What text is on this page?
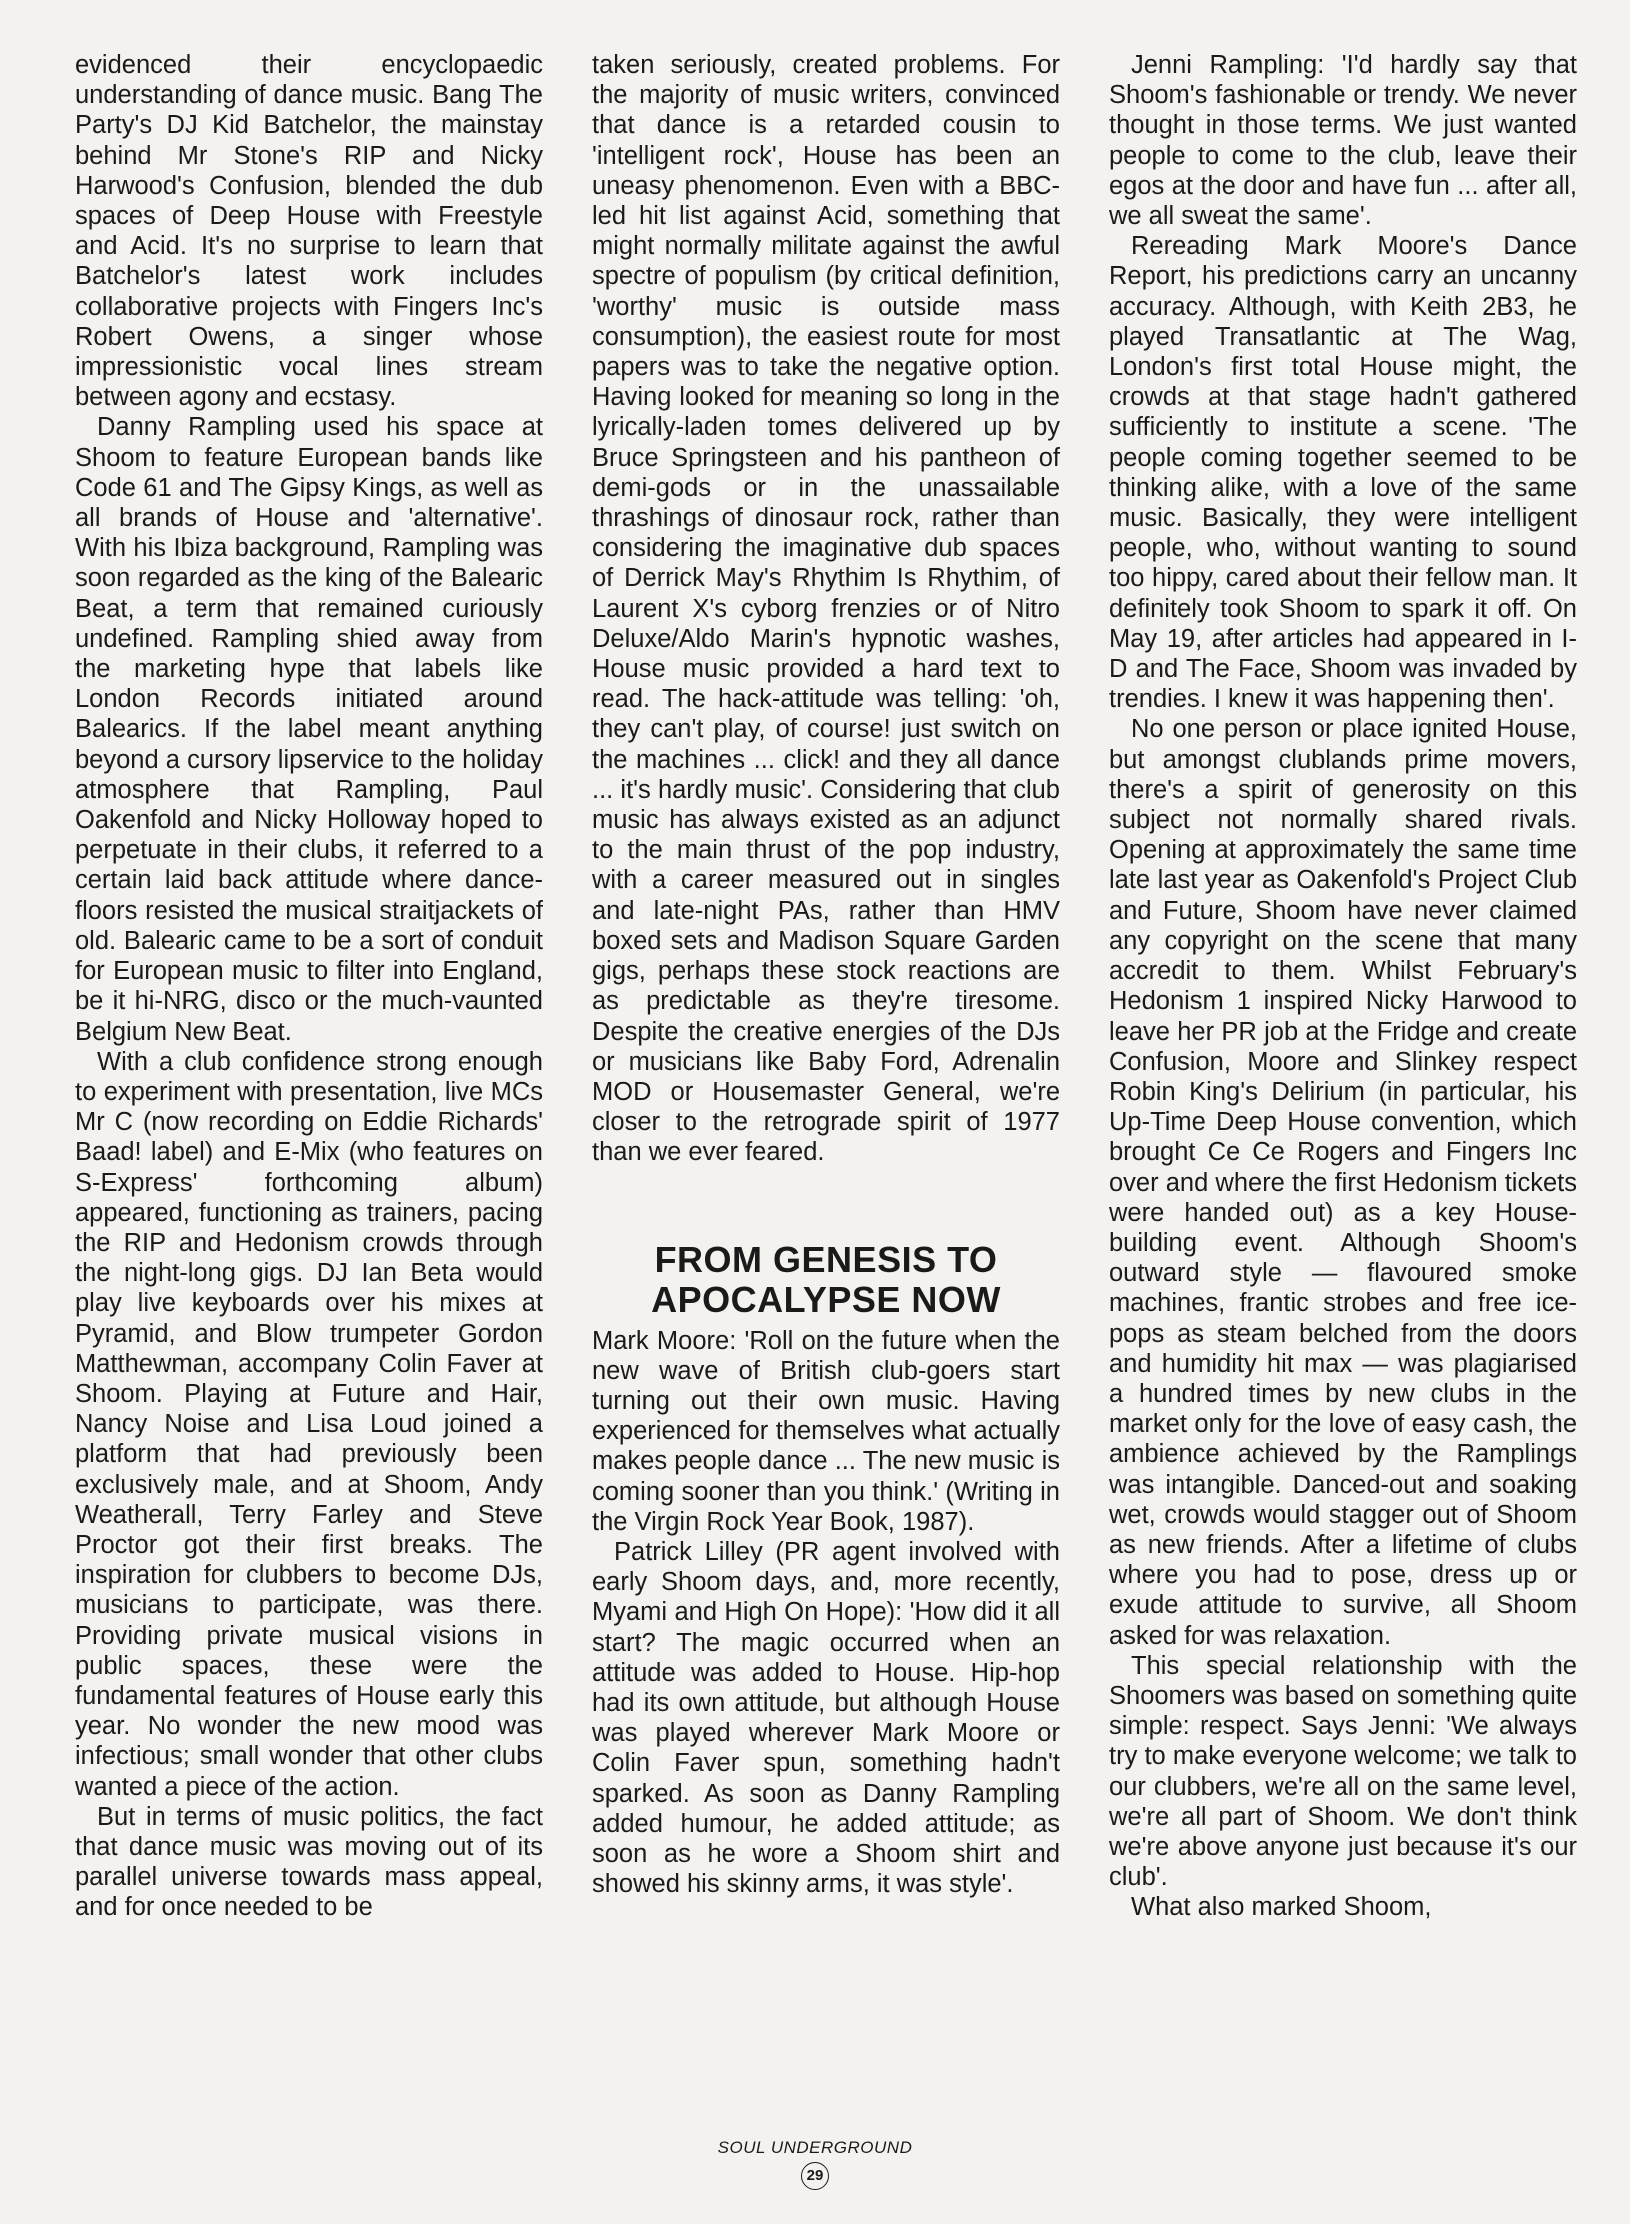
evidenced their encyclopaedic understanding of dance music. Bang The Party's DJ Kid Batchelor, the mainstay behind Mr Stone's RIP and Nicky Harwood's Confusion, blended the dub spaces of Deep House with Freestyle and Acid. It's no surprise to learn that Batchelor's latest work includes collaborative projects with Fingers Inc's Robert Owens, a singer whose impressionistic vocal lines stream between agony and ecstasy.

Danny Rampling used his space at Shoom to feature European bands like Code 61 and The Gipsy Kings, as well as all brands of House and 'alternative'. With his Ibiza background, Rampling was soon regarded as the king of the Balearic Beat, a term that remained curiously undefined. Rampling shied away from the marketing hype that labels like London Records initiated around Balearics. If the label meant anything beyond a cursory lipservice to the holiday atmosphere that Rampling, Paul Oakenfold and Nicky Holloway hoped to perpetuate in their clubs, it referred to a certain laid back attitude where dance-floors resisted the musical straitjackets of old. Balearic came to be a sort of conduit for European music to filter into England, be it hi-NRG, disco or the much-vaunted Belgium New Beat.

With a club confidence strong enough to experiment with presentation, live MCs Mr C (now recording on Eddie Richards' Baad! label) and E-Mix (who features on S-Express' forthcoming album) appeared, functioning as trainers, pacing the RIP and Hedonism crowds through the night-long gigs. DJ Ian Beta would play live keyboards over his mixes at Pyramid, and Blow trumpeter Gordon Matthewman, accompany Colin Faver at Shoom. Playing at Future and Hair, Nancy Noise and Lisa Loud joined a platform that had previously been exclusively male, and at Shoom, Andy Weatherall, Terry Farley and Steve Proctor got their first breaks. The inspiration for clubbers to become DJs, musicians to participate, was there. Providing private musical visions in public spaces, these were the fundamental features of House early this year. No wonder the new mood was infectious; small wonder that other clubs wanted a piece of the action.

But in terms of music politics, the fact that dance music was moving out of its parallel universe towards mass appeal, and for once needed to be

taken seriously, created problems. For the majority of music writers, convinced that dance is a retarded cousin to 'intelligent rock', House has been an uneasy phenomenon. Even with a BBC-led hit list against Acid, something that might normally militate against the awful spectre of populism (by critical definition, 'worthy' music is outside mass consumption), the easiest route for most papers was to take the negative option. Having looked for meaning so long in the lyrically-laden tomes delivered up by Bruce Springsteen and his pantheon of demi-gods or in the unassailable thrashings of dinosaur rock, rather than considering the imaginative dub spaces of Derrick May's Rhythim Is Rhythim, of Laurent X's cyborg frenzies or of Nitro Deluxe/Aldo Marin's hypnotic washes, House music provided a hard text to read. The hack-attitude was telling: 'oh, they can't play, of course! just switch on the machines ... click! and they all dance ... it's hardly music'. Considering that club music has always existed as an adjunct to the main thrust of the pop industry, with a career measured out in singles and late-night PAs, rather than HMV boxed sets and Madison Square Garden gigs, perhaps these stock reactions are as predictable as they're tiresome. Despite the creative energies of the DJs or musicians like Baby Ford, Adrenalin MOD or Housemaster General, we're closer to the retrograde spirit of 1977 than we ever feared.

FROM GENESIS TO APOCALYPSE NOW

Mark Moore: 'Roll on the future when the new wave of British club-goers start turning out their own music. Having experienced for themselves what actually makes people dance ... The new music is coming sooner than you think.' (Writing in the Virgin Rock Year Book, 1987).

Patrick Lilley (PR agent involved with early Shoom days, and, more recently, Myami and High On Hope): 'How did it all start? The magic occurred when an attitude was added to House. Hip-hop had its own attitude, but although House was played wherever Mark Moore or Colin Faver spun, something hadn't sparked. As soon as Danny Rampling added humour, he added attitude; as soon as he wore a Shoom shirt and showed his skinny arms, it was style'.

Jenni Rampling: 'I'd hardly say that Shoom's fashionable or trendy. We never thought in those terms. We just wanted people to come to the club, leave their egos at the door and have fun ... after all, we all sweat the same'.

Rereading Mark Moore's Dance Report, his predictions carry an uncanny accuracy. Although, with Keith 2B3, he played Transatlantic at The Wag, London's first total House might, the crowds at that stage hadn't gathered sufficiently to institute a scene. 'The people coming together seemed to be thinking alike, with a love of the same music. Basically, they were intelligent people, who, without wanting to sound too hippy, cared about their fellow man. It definitely took Shoom to spark it off. On May 19, after articles had appeared in I-D and The Face, Shoom was invaded by trendies. I knew it was happening then'.

No one person or place ignited House, but amongst clublands prime movers, there's a spirit of generosity on this subject not normally shared rivals. Opening at approximately the same time late last year as Oakenfold's Project Club and Future, Shoom have never claimed any copyright on the scene that many accredit to them. Whilst February's Hedonism 1 inspired Nicky Harwood to leave her PR job at the Fridge and create Confusion, Moore and Slinkey respect Robin King's Delirium (in particular, his Up-Time Deep House convention, which brought Ce Ce Rogers and Fingers Inc over and where the first Hedonism tickets were handed out) as a key House-building event. Although Shoom's outward style — flavoured smoke machines, frantic strobes and free ice-pops as steam belched from the doors and humidity hit max — was plagiarised a hundred times by new clubs in the market only for the love of easy cash, the ambience achieved by the Ramplings was intangible. Danced-out and soaking wet, crowds would stagger out of Shoom as new friends. After a lifetime of clubs where you had to pose, dress up or exude attitude to survive, all Shoom asked for was relaxation.

This special relationship with the Shoomers was based on something quite simple: respect. Says Jenni: 'We always try to make everyone welcome; we talk to our clubbers, we're all on the same level, we're all part of Shoom. We don't think we're above anyone just because it's our club'.

What also marked Shoom,

SOUL UNDERGROUND
29
